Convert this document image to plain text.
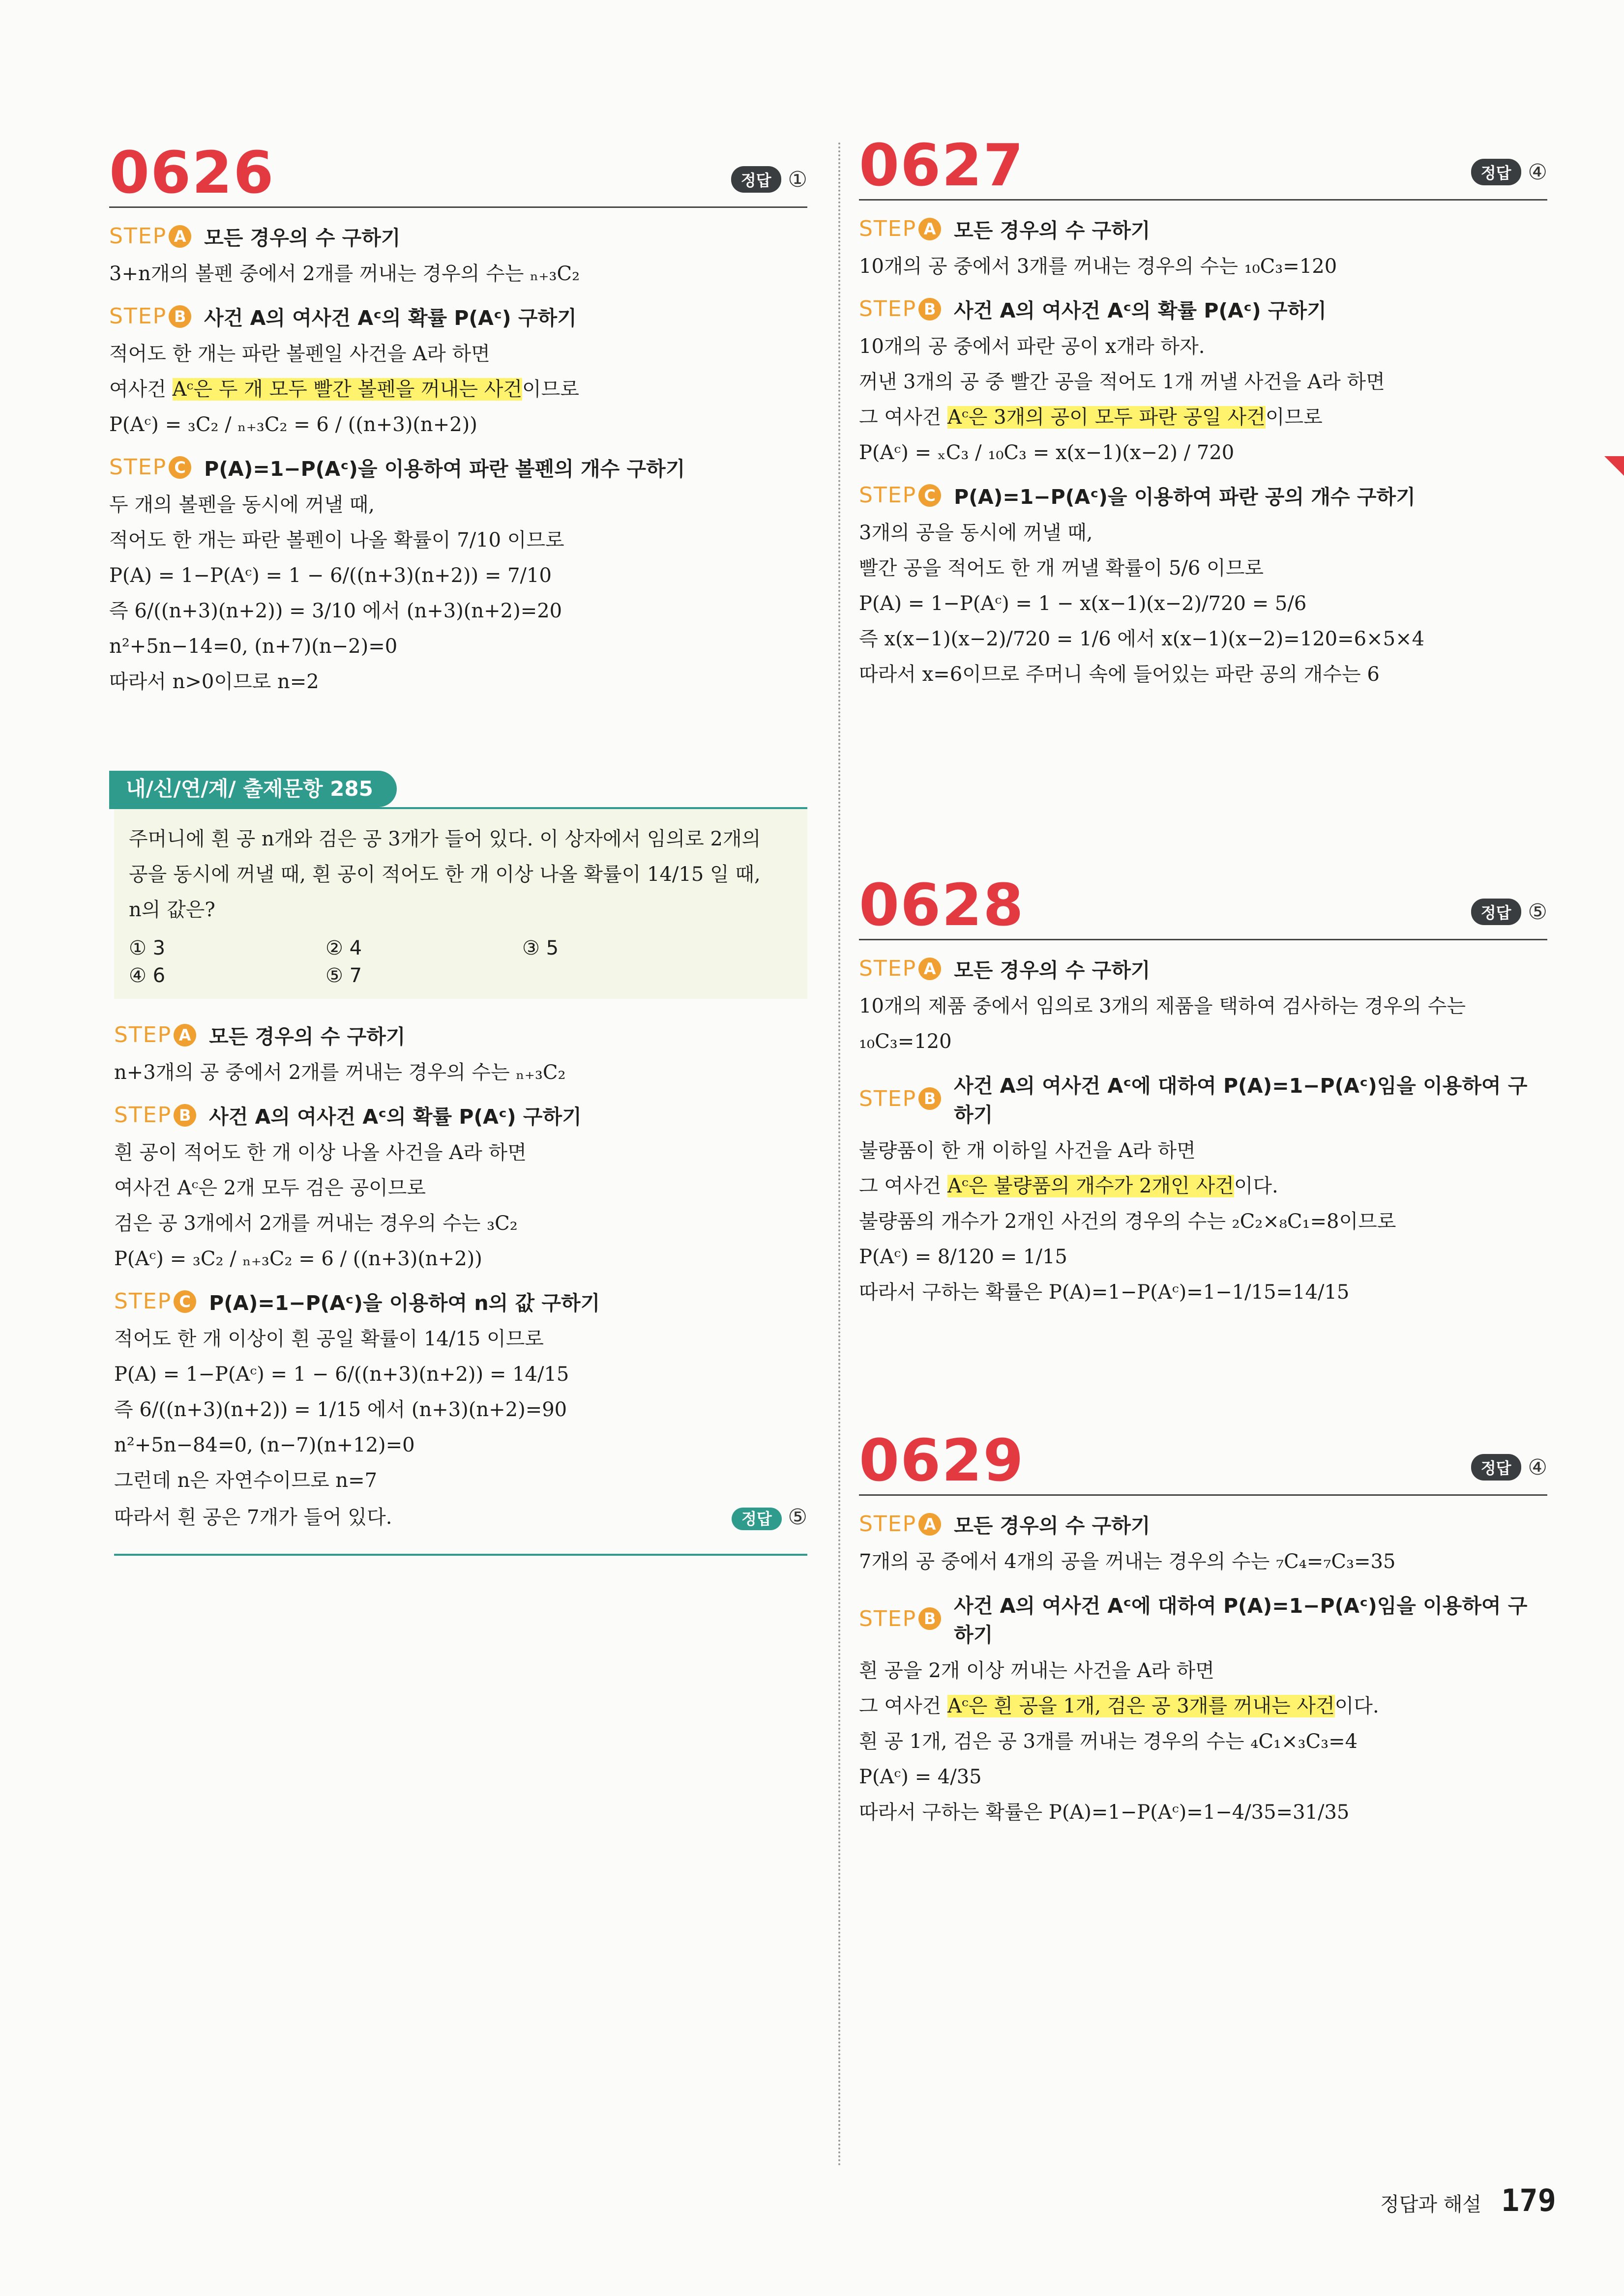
0626	정답 ①
STEP A 모든 경우의 수 구하기
3+n개의 볼펜 중에서 2개를 꺼내는 경우의 수는 ₙ₊₃C₂
STEP B 사건 A의 여사건 Aᶜ의 확률 P(Aᶜ) 구하기
적어도 한 개는 파란 볼펜일 사건을 A라 하면
여사건 Aᶜ은 두 개 모두 빨간 볼펜을 꺼내는 사건이므로
P(Aᶜ) = ₃C₂ / ₙ₊₃C₂ = 6 / ((n+3)(n+2))
STEP C P(A)=1−P(Aᶜ)을 이용하여 파란 볼펜의 개수 구하기
두 개의 볼펜을 동시에 꺼낼 때,
적어도 한 개는 파란 볼펜이 나올 확률이 7/10 이므로
P(A) = 1−P(Aᶜ) = 1 − 6/((n+3)(n+2)) = 7/10
즉 6/((n+3)(n+2)) = 3/10 에서 (n+3)(n+2)=20
n²+5n−14=0, (n+7)(n−2)=0
따라서 n>0이므로 n=2
내/신/연/계/ 출제문항 285
주머니에 흰 공 n개와 검은 공 3개가 들어 있다. 이 상자에서 임의로 2개의
공을 동시에 꺼낼 때, 흰 공이 적어도 한 개 이상 나올 확률이 14/15 일 때,
n의 값은?
① 3	② 4	③ 5
④ 6	⑤ 7
STEP A 모든 경우의 수 구하기
n+3개의 공 중에서 2개를 꺼내는 경우의 수는 ₙ₊₃C₂
STEP B 사건 A의 여사건 Aᶜ의 확률 P(Aᶜ) 구하기
흰 공이 적어도 한 개 이상 나올 사건을 A라 하면
여사건 Aᶜ은 2개 모두 검은 공이므로
검은 공 3개에서 2개를 꺼내는 경우의 수는 ₃C₂
P(Aᶜ) = ₃C₂ / ₙ₊₃C₂ = 6 / ((n+3)(n+2))
STEP C P(A)=1−P(Aᶜ)을 이용하여 n의 값 구하기
적어도 한 개 이상이 흰 공일 확률이 14/15 이므로
P(A) = 1−P(Aᶜ) = 1 − 6/((n+3)(n+2)) = 14/15
즉 6/((n+3)(n+2)) = 1/15 에서 (n+3)(n+2)=90
n²+5n−84=0, (n−7)(n+12)=0
그런데 n은 자연수이므로 n=7
따라서 흰 공은 7개가 들어 있다.	정답 ⑤
0627	정답 ④
STEP A 모든 경우의 수 구하기
10개의 공 중에서 3개를 꺼내는 경우의 수는 ₁₀C₃=120
STEP B 사건 A의 여사건 Aᶜ의 확률 P(Aᶜ) 구하기
10개의 공 중에서 파란 공이 x개라 하자.
꺼낸 3개의 공 중 빨간 공을 적어도 1개 꺼낼 사건을 A라 하면
그 여사건 Aᶜ은 3개의 공이 모두 파란 공일 사건이므로
P(Aᶜ) = ₓC₃ / ₁₀C₃ = x(x−1)(x−2) / 720
STEP C P(A)=1−P(Aᶜ)을 이용하여 파란 공의 개수 구하기
3개의 공을 동시에 꺼낼 때,
빨간 공을 적어도 한 개 꺼낼 확률이 5/6 이므로
P(A) = 1−P(Aᶜ) = 1 − x(x−1)(x−2)/720 = 5/6
즉 x(x−1)(x−2)/720 = 1/6 에서 x(x−1)(x−2)=120=6×5×4
따라서 x=6이므로 주머니 속에 들어있는 파란 공의 개수는 6
0628	정답 ⑤
STEP A 모든 경우의 수 구하기
10개의 제품 중에서 임의로 3개의 제품을 택하여 검사하는 경우의 수는
₁₀C₃=120
STEP B
사건 A의 여사건 Aᶜ에 대하여 P(A)=1−P(Aᶜ)임을 이용하여 구하기
불량품이 한 개 이하일 사건을 A라 하면
그 여사건 Aᶜ은 불량품의 개수가 2개인 사건이다.
불량품의 개수가 2개인 사건의 경우의 수는 ₂C₂×₈C₁=8이므로
P(Aᶜ) = 8/120 = 1/15
따라서 구하는 확률은 P(A)=1−P(Aᶜ)=1−1/15=14/15
0629	정답 ④
STEP A 모든 경우의 수 구하기
7개의 공 중에서 4개의 공을 꺼내는 경우의 수는 ₇C₄=₇C₃=35
STEP B
사건 A의 여사건 Aᶜ에 대하여 P(A)=1−P(Aᶜ)임을 이용하여 구하기
흰 공을 2개 이상 꺼내는 사건을 A라 하면
그 여사건 Aᶜ은 흰 공을 1개, 검은 공 3개를 꺼내는 사건이다.
흰 공 1개, 검은 공 3개를 꺼내는 경우의 수는 ₄C₁×₃C₃=4
P(Aᶜ) = 4/35
따라서 구하는 확률은 P(A)=1−P(Aᶜ)=1−4/35=31/35
정답과 해설 179
